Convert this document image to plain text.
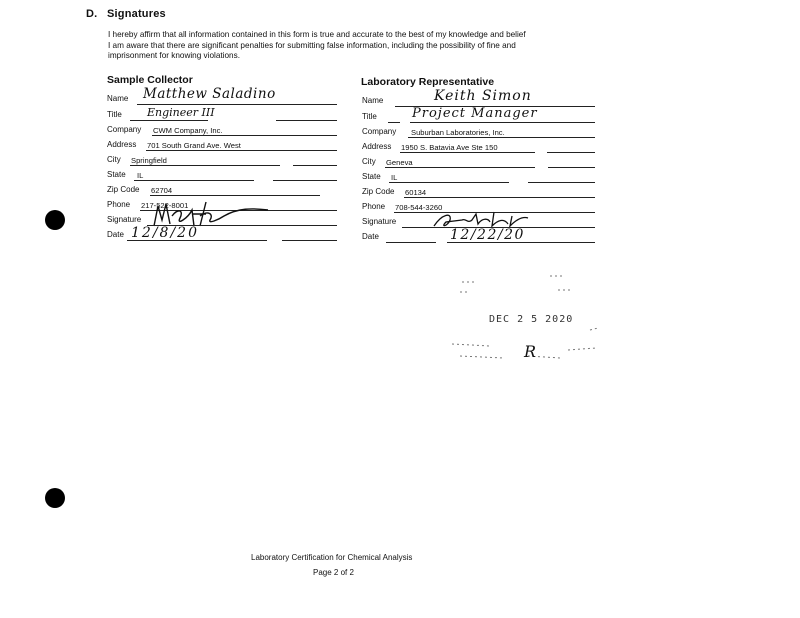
D. Signatures
I hereby affirm that all information contained in this form is true and accurate to the best of my knowledge and belief
I am aware that there are significant penalties for submitting false information, including the possibility of fine and
imprisonment for knowing violations.
Sample Collector
Name Matthew Saladino
Title Engineer III
Company CWM Company, Inc.
Address 701 South Grand Ave. West
City Springfield
State IL
Zip Code 62704
Phone 217-522-8001
Signature
Date 12/8/20
Laboratory Representative
Name	Keith Simon
Title	Project Manager
Company Suburban Laboratories, Inc.
Address 1950 S. Batavia Ave Ste 150
City Geneva
State IL
Zip Code 60134
Phone 708-544-3260
Signature
Date	12/22/20
DEC 2 5 2020
R
Laboratory Certification for Chemical Analysis
Page 2 of 2
